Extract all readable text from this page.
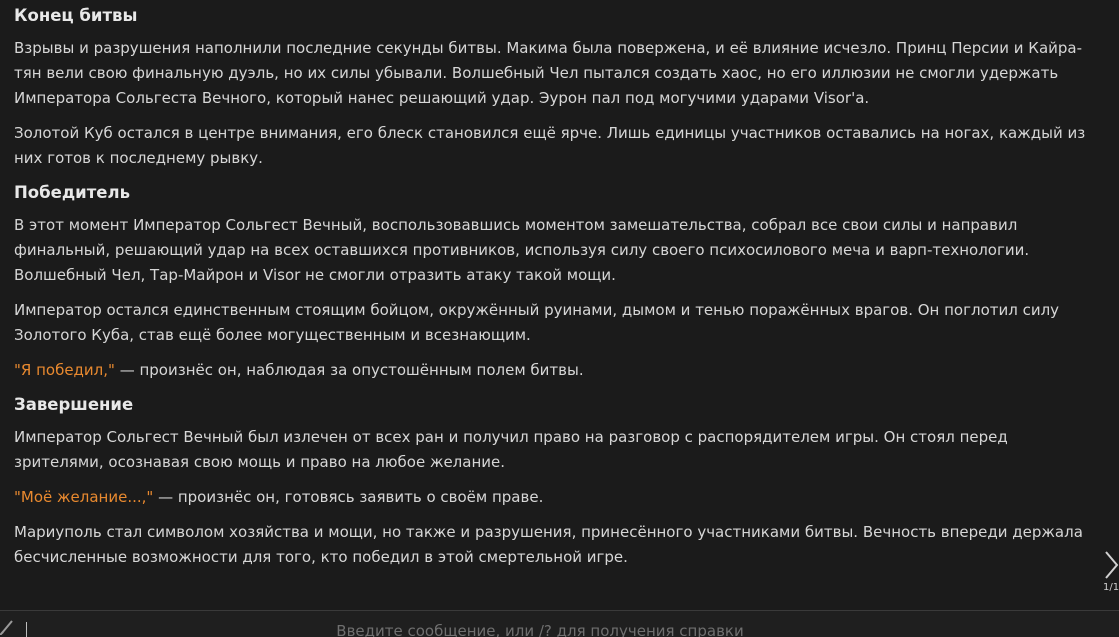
Конец битвы

Взрывы и разрушения наполнили последние секунды битвы. Макима была повержена, и её влияние исчезло. Принц Персии и Кайра-тян вели свою финальную дуэль, но их силы убывали. Волшебный Чел пытался создать хаос, но его иллюзии не смогли удержать Императора Сольгеста Вечного, который нанес решающий удар. Эурон пал под могучими ударами Visor'а.

Золотой Куб остался в центре внимания, его блеск становился ещё ярче. Лишь единицы участников оставались на ногах, каждый из них готов к последнему рывку.

Победитель

В этот момент Император Сольгест Вечный, воспользовавшись моментом замешательства, собрал все свои силы и направил финальный, решающий удар на всех оставшихся противников, используя силу своего психосилового меча и варп-технологии. Волшебный Чел, Тар-Майрон и Visor не смогли отразить атаку такой мощи.

Император остался единственным стоящим бойцом, окружённый руинами, дымом и тенью поражённых врагов. Он поглотил силу Золотого Куба, став ещё более могущественным и всезнающим.

"Я победил," — произнёс он, наблюдая за опустошённым полем битвы.

Завершение

Император Сольгест Вечный был излечен от всех ран и получил право на разговор с распорядителем игры. Он стоял перед зрителями, осознавая свою мощь и право на любое желание.

"Моё желание...," — произнёс он, готовясь заявить о своём праве.

Мариуполь стал символом хозяйства и мощи, но также и разрушения, принесённого участниками битвы. Вечность впереди держала бесчисленные возможности для того, кто победил в этой смертельной игре.

1/1
Введите сообщение, или /? для получения справки
